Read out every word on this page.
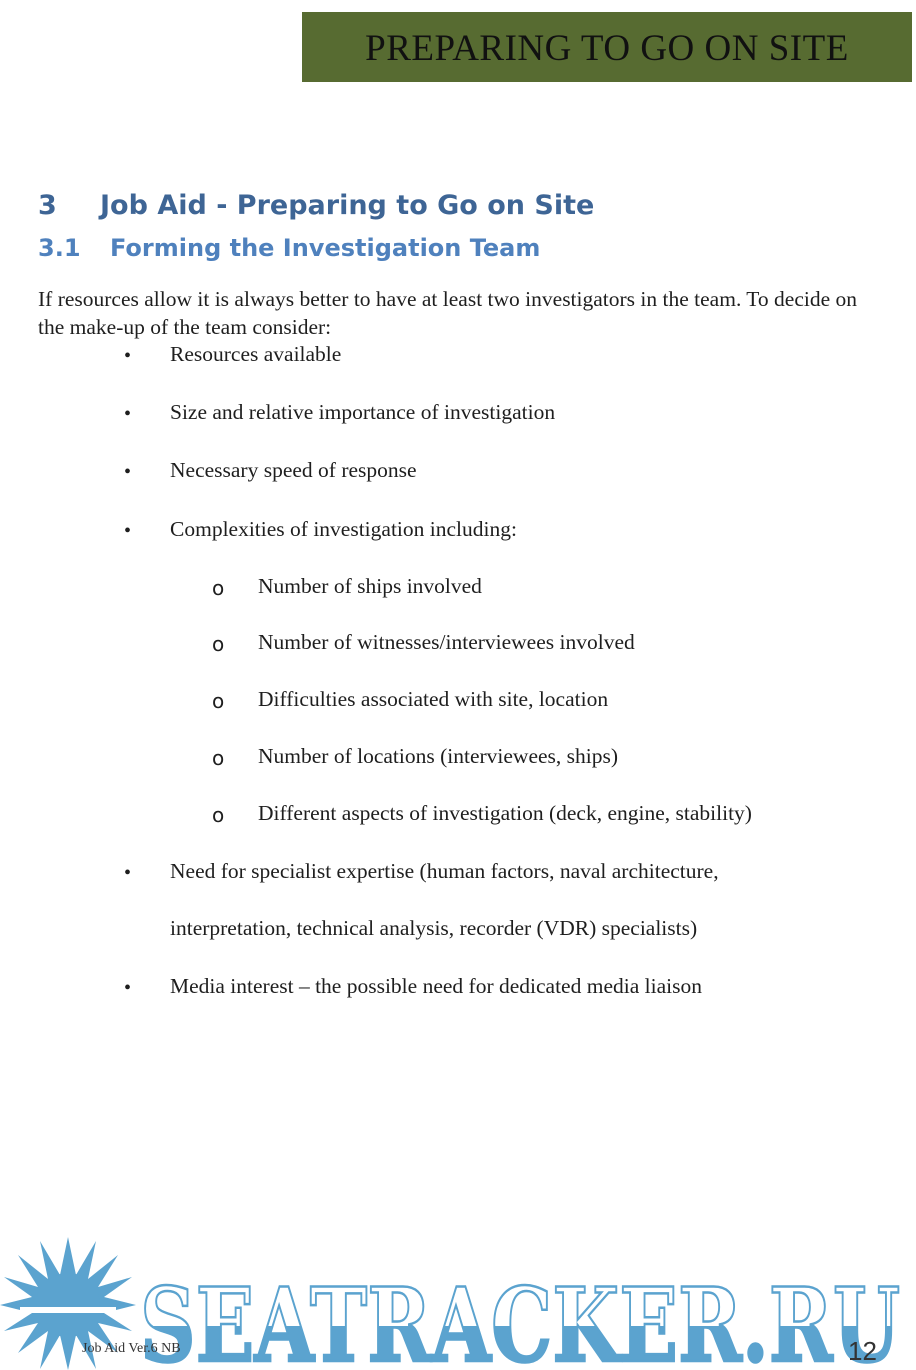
PREPARING TO GO ON SITE
3 Job Aid - Preparing to Go on Site
3.1 Forming the Investigation Team

If resources allow it is always better to have at least two investigators in the team. To decide on the make-up of the team consider:

• Resources available
• Size and relative importance of investigation
• Necessary speed of response
• Complexities of investigation including:
o Number of ships involved
o Number of witnesses/interviewees involved
o Difficulties associated with site, location
o Number of locations (interviewees, ships)
o Different aspects of investigation (deck, engine, stability)
• Need for specialist expertise (human factors, naval architecture,
interpretation, technical analysis, recorder (VDR) specialists)
• Media interest – the possible need for dedicated media liaison
SEATRACKER.RU
Job Aid Ver.6 NB	12
